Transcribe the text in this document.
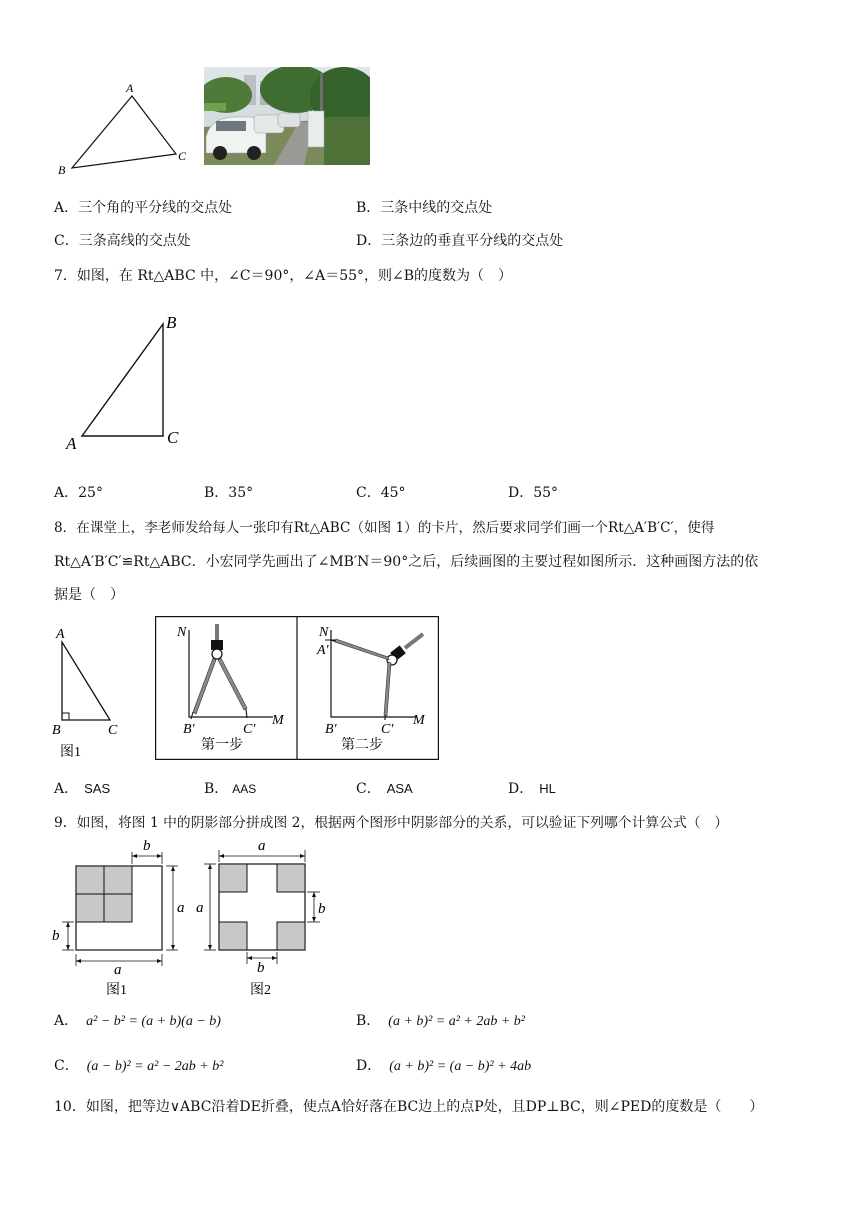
A
B
C
A．三个角的平分线的交点处	B．三条中线的交点处
C．三条高线的交点处	D．三条边的垂直平分线的交点处
7．如图，在 Rt△ABC 中，∠C＝90°，∠A＝55°，则∠B的度数为（　）
B
A	C
A．25°	B．35°	C．45°	D．55°
8．在课堂上，李老师发给每人一张印有Rt△ABC（如图 1）的卡片，然后要求同学们画一个Rt△A′B′C′，使得
Rt△A′B′C′≌Rt△ABC．小宏同学先画出了∠MB′N＝90°之后，后续画图的主要过程如图所示．这种画图方法的依
据是（　）
A
B	C
图1
N
M
B′	C′
第一步
N
A′
M
B′	C′
第二步
A． SAS	B． AAS	C． ASA	D． HL
9．如图，将图 1 中的阴影部分拼成图 2，根据两个图形中阴影部分的关系，可以验证下列哪个计算公式（　）
b
a
b
a
图1
a
a	b
b
图2
A． a² − b² = (a + b)(a − b)	B． (a + b)² = a² + 2ab + b²
C． (a − b)² = a² − 2ab + b²	D． (a + b)² = (a − b)² + 4ab
10．如图，把等边∨ABC沿着DE折叠，使点A恰好落在BC边上的点P处，且DP⊥BC，则∠PED的度数是（　　）
